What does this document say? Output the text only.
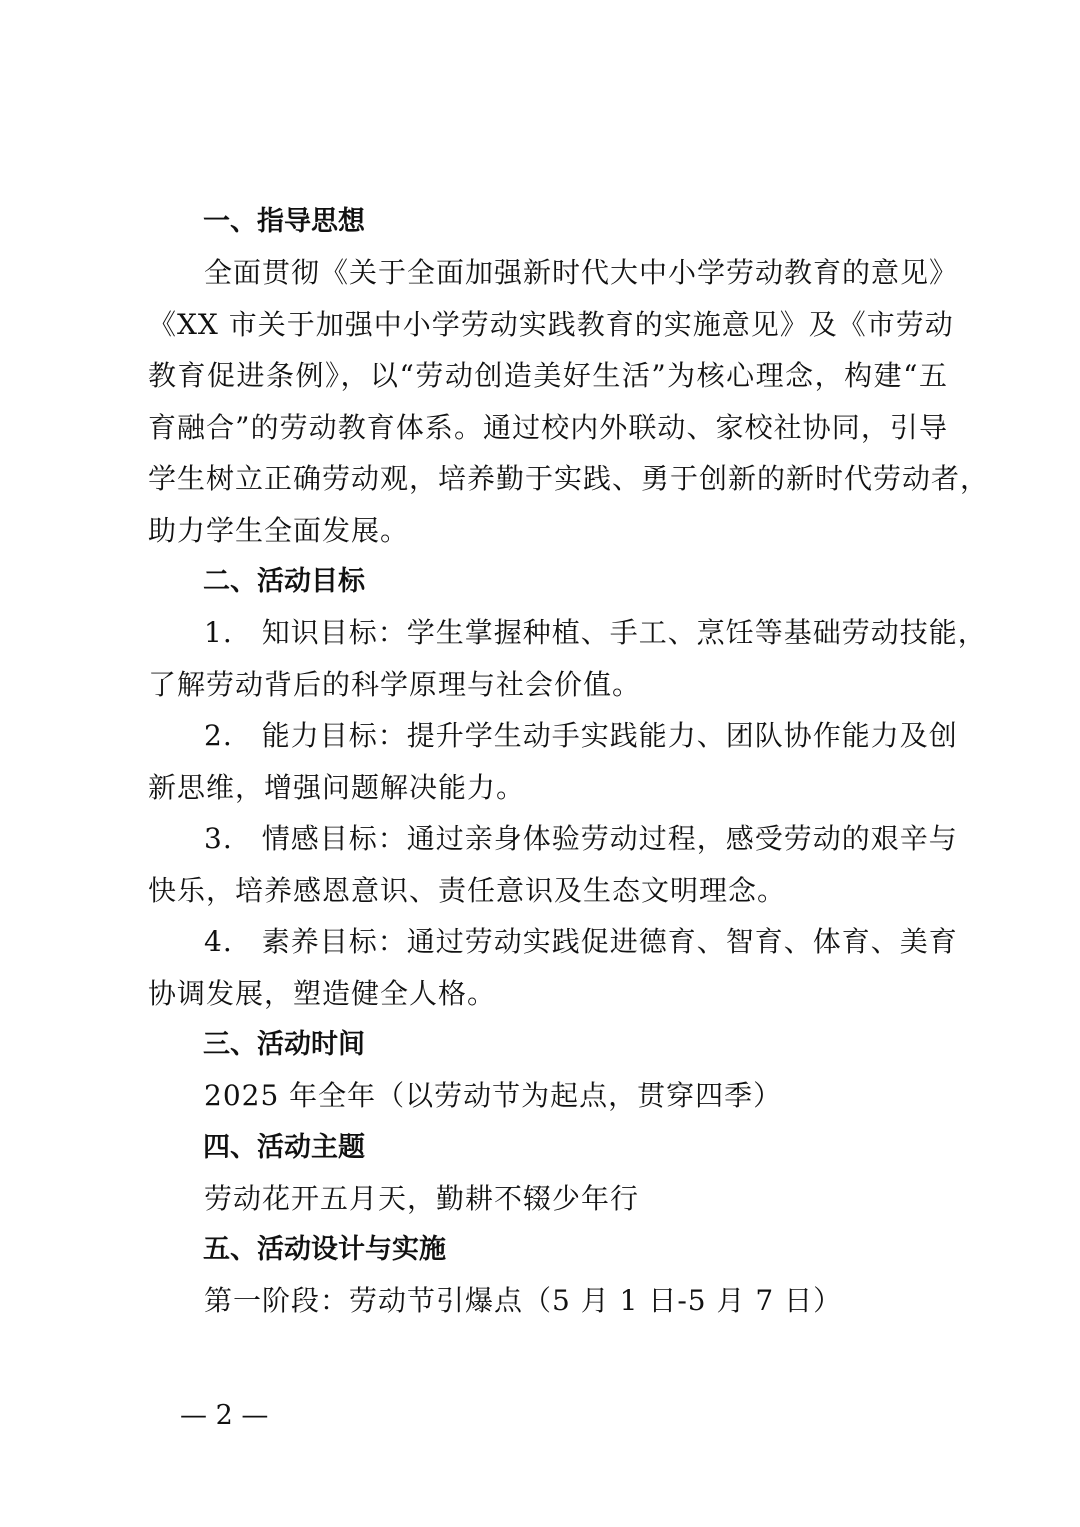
一、指导思想
全面贯彻《关于全面加强新时代大中小学劳动教育的意见》
《XX 市关于加强中小学劳动实践教育的实施意见》及《市劳动
教育促进条例》，以“劳动创造美好生活”为核心理念，构建“五
育融合”的劳动教育体系。通过校内外联动、家校社协同，引导
学生树立正确劳动观，培养勤于实践、勇于创新的新时代劳动者，
助力学生全面发展。
二、活动目标
1.　知识目标：学生掌握种植、手工、烹饪等基础劳动技能，
了解劳动背后的科学原理与社会价值。
2.　能力目标：提升学生动手实践能力、团队协作能力及创
新思维，增强问题解决能力。
3.　情感目标：通过亲身体验劳动过程，感受劳动的艰辛与
快乐，培养感恩意识、责任意识及生态文明理念。
4.　素养目标：通过劳动实践促进德育、智育、体育、美育
协调发展，塑造健全人格。
三、活动时间
2025 年全年（以劳动节为起点，贯穿四季）
四、活动主题
劳动花开五月天，勤耕不辍少年行
五、活动设计与实施
第一阶段：劳动节引爆点（5 月 1 日-5 月 7 日）
— 2 —
